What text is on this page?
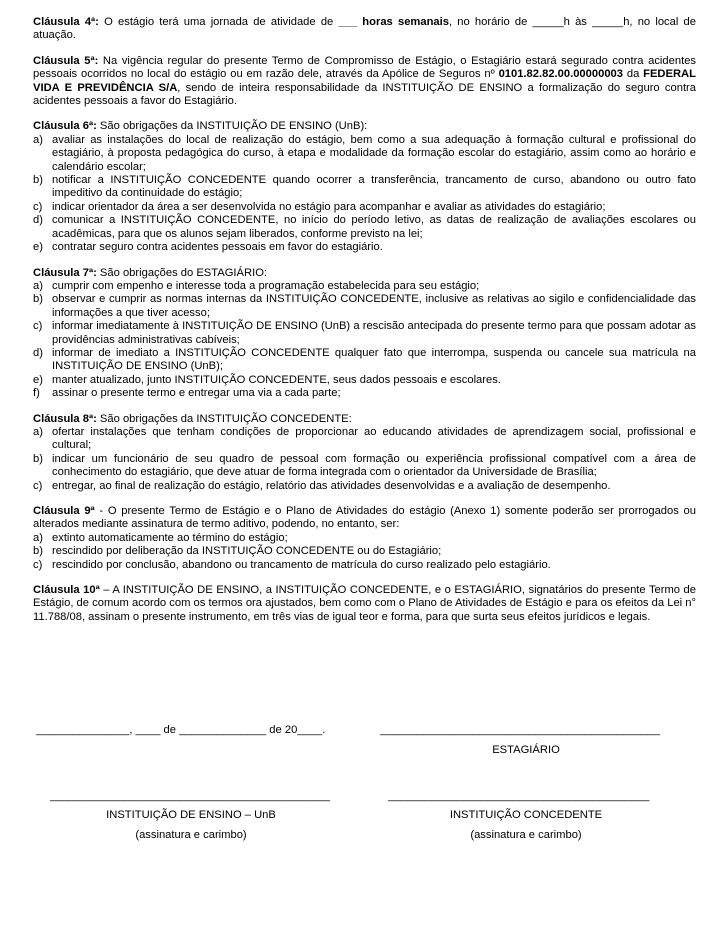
Cláusula 4ª: O estágio terá uma jornada de atividade de ___ horas semanais, no horário de _____h às _____h, no local de atuação.

Cláusula 5ª: Na vigência regular do presente Termo de Compromisso de Estágio, o Estagiário estará segurado contra acidentes pessoais ocorridos no local do estágio ou em razão dele, através da Apólice de Seguros nº 0101.82.82.00.00000003 da FEDERAL VIDA E PREVIDÊNCIA S/A, sendo de inteira responsabilidade da INSTITUIÇÃO DE ENSINO a formalização do seguro contra acidentes pessoais a favor do Estagiário.

Cláusula 6ª: São obrigações da INSTITUIÇÃO DE ENSINO (UnB):

a) avaliar as instalações do local de realização do estágio, bem como a sua adequação à formação cultural e profissional do estagiário, à proposta pedagógica do curso, à etapa e modalidade da formação escolar do estagiário, assim como ao horário e calendário escolar;
b) notificar a INSTITUIÇÃO CONCEDENTE quando ocorrer a transferência, trancamento de curso, abandono ou outro fato impeditivo da continuidade do estágio;
c) indicar orientador da área a ser desenvolvida no estágio para acompanhar e avaliar as atividades do estagiário;
d) comunicar a INSTITUIÇÃO CONCEDENTE, no início do período letivo, as datas de realização de avaliações escolares ou acadêmicas, para que os alunos sejam liberados, conforme previsto na lei;
e) contratar seguro contra acidentes pessoais em favor do estagiário.

Cláusula 7ª: São obrigações do ESTAGIÁRIO:

a) cumprir com empenho e interesse toda a programação estabelecida para seu estágio;
b) observar e cumprir as normas internas da INSTITUIÇÃO CONCEDENTE, inclusive as relativas ao sigilo e confidencialidade das informações a que tiver acesso;
c) informar imediatamente à INSTITUIÇÃO DE ENSINO (UnB) a rescisão antecipada do presente termo para que possam adotar as providências administrativas cabíveis;
d) informar de imediato a INSTITUIÇÃO CONCEDENTE qualquer fato que interrompa, suspenda ou cancele sua matrícula na INSTITUIÇÃO DE ENSINO (UnB);
e) manter atualizado, junto INSTITUIÇÃO CONCEDENTE, seus dados pessoais e escolares.
f)	assinar o presente termo e entregar uma via a cada parte;

Cláusula 8ª: São obrigações da INSTITUIÇÃO CONCEDENTE:

a) ofertar instalações que tenham condições de proporcionar ao educando atividades de aprendizagem social, profissional e cultural;
b) indicar um funcionário de seu quadro de pessoal com formação ou experiência profissional compatível com a área de conhecimento do estagiário, que deve atuar de forma integrada com o orientador da Universidade de Brasília;
c) entregar, ao final de realização do estágio, relatório das atividades desenvolvidas e a avaliação de desempenho.

Cláusula 9ª - O presente Termo de Estágio e o Plano de Atividades do estágio (Anexo 1) somente poderão ser prorrogados ou alterados mediante assinatura de termo aditivo, podendo, no entanto, ser:

a) extinto automaticamente ao término do estágio;
b) rescindido por deliberação da INSTITUIÇÃO CONCEDENTE ou do Estagiário;
c) rescindido por conclusão, abandono ou trancamento de matrícula do curso realizado pelo estagiário.

Cláusula 10ª – A INSTITUIÇÃO DE ENSINO, a INSTITUIÇÃO CONCEDENTE, e o ESTAGIÁRIO, signatários do presente Termo de Estágio, de comum acordo com os termos ora ajustados, bem como com o Plano de Atividades de Estágio e para os efeitos da Lei n° 11.788/08, assinam o presente instrumento, em três vias de igual teor e forma, para que surta seus efeitos jurídicos e legais.

_______________, ____ de ______________ de 20____.	_____________________________________________
ESTAGIÁRIO
_____________________________________________	__________________________________________
INSTITUIÇÃO DE ENSINO – UnB	INSTITUIÇÃO CONCEDENTE
(assinatura e carimbo)	(assinatura e carimbo)
